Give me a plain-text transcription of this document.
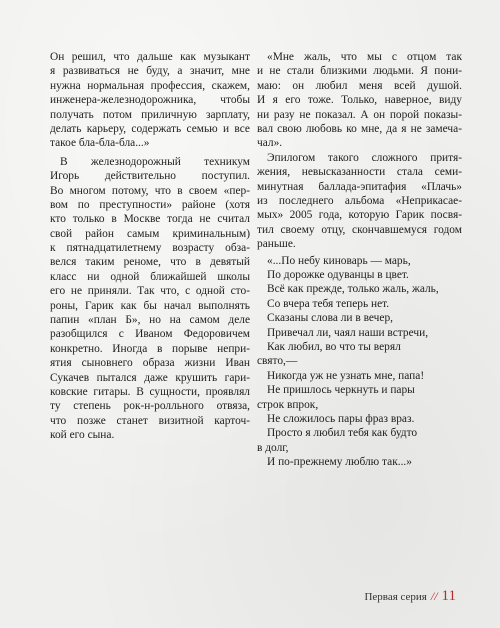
Он решил, что дальше как музыкант
я развиваться не буду, а значит, мне
нужна нормальная профессия, скажем,
инженера-железнодорожника, чтобы
получать потом приличную зарплату,
делать карьеру, содержать семью и все
такое бла-бла-бла...»
В железнодорожный техникум
Игорь действительно поступил.
Во многом потому, что в своем «пер-
вом по преступности» районе (хотя
кто только в Москве тогда не считал
свой район самым криминальным)
к пятнадцатилетнему возрасту обза-
велся таким реноме, что в девятый
класс ни одной ближайшей школы
его не приняли. Так что, с одной сто-
роны, Гарик как бы начал выполнять
папин «план Б», но на самом деле
разобщился с Иваном Федоровичем
конкретно. Иногда в порыве непри-
ятия сыновнего образа жизни Иван
Сукачев пытался даже крушить гари-
ковские гитары. В сущности, проявлял
ту степень рок-н-ролльного отвяза,
что позже станет визитной карточ-
кой его сына.
«Мне жаль, что мы с отцом так
и не стали близкими людьми. Я пони-
маю: он любил меня всей душой.
И я его тоже. Только, наверное, виду
ни разу не показал. А он порой показы-
вал свою любовь ко мне, да я не замеча-
чал».
Эпилогом такого сложного притя-
жения, невысказанности стала семи-
минутная баллада-эпитафия «Плачь»
из последнего альбома «Неприкасае-
мых» 2005 года, которую Гарик посвя-
тил своему отцу, скончавшемуся годом
раньше.
«...По небу киноварь — марь,
По дорожке одуванцы в цвет.
Всё как прежде, только жаль, жаль,
Со вчера тебя теперь нет.
Сказаны слова ли в вечер,
Привечал ли, чаял наши встречи,
Как любил, во что ты верял
свято,—
Никогда уж не узнать мне, папа!
Не пришлось черкнуть и пары
строк впрок,
Не сложилось пары фраз враз.
Просто я любил тебя как будто
в долг,
И по-прежнему люблю так...»
Первая серия // 11
